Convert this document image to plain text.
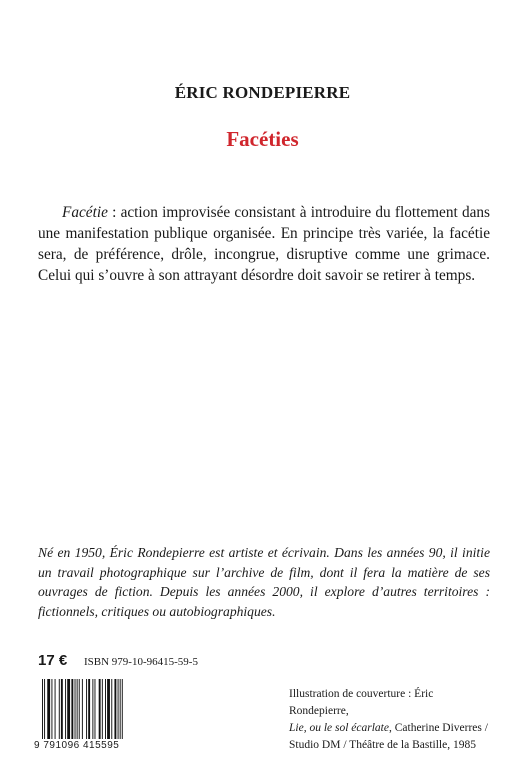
ÉRIC RONDEPIERRE
Facéties

Facétie : action improvisée consistant à introduire du flottement dans une manifestation publique organisée. En principe très variée, la facétie sera, de préférence, drôle, incongrue, disruptive comme une grimace. Celui qui s’ouvre à son attrayant désordre doit savoir se retirer à temps.

Né en 1950, Éric Rondepierre est artiste et écrivain. Dans les années 90, il initie un travail photographique sur l’archive de film, dont il fera la matière de ses ouvrages de fiction. Depuis les années 2000, il explore d’autres territoires : fictionnels, critiques ou autobiographiques.
17 € ISBN 979-10-96415-59-5
9 791096 415595
Illustration de couverture : Éric Rondepierre,
Lie, ou le sol écarlate, Catherine Diverres /
Studio DM / Théâtre de la Bastille, 1985
